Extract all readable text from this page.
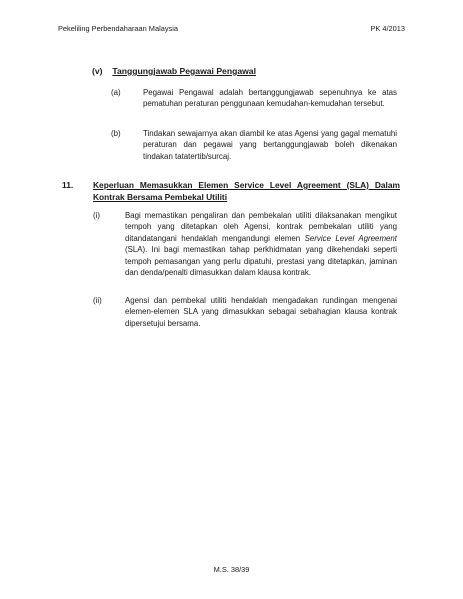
Pekeliling Perbendaharaan Malaysia	PK 4/2013
(v) Tanggungjawab Pegawai Pengawal
(a)	Pegawai Pengawal adalah bertanggungjawab sepenuhnya ke atas pematuhan peraturan penggunaan kemudahan-kemudahan tersebut.
(b)	Tindakan sewajarnya akan diambil ke atas Agensi yang gagal mematuhi peraturan dan pegawai yang bertanggungjawab boleh dikenakan tindakan tatatertib/surcaj.
11. Keperluan Memasukkan Elemen Service Level Agreement (SLA) Dalam Kontrak Bersama Pembekal Utiliti
(i)	Bagi memastikan pengaliran dan pembekalan utiliti dilaksanakan mengikut tempoh yang ditetapkan oleh Agensi, kontrak pembekalan utiliti yang ditandatangani hendaklah mengandungi elemen Service Level Agreement (SLA). Ini bagi memastikan tahap perkhidmatan yang dikehendaki seperti tempoh pemasangan yang perlu dipatuhi, prestasi yang ditetapkan, jaminan dan denda/penalti dimasukkan dalam klausa kontrak.
(ii)	Agensi dan pembekal utiliti hendaklah mengadakan rundingan mengenai elemen-elemen SLA yang dimasukkan sebagai sebahagian klausa kontrak dipersetujui bersama.
M.S. 38/39
